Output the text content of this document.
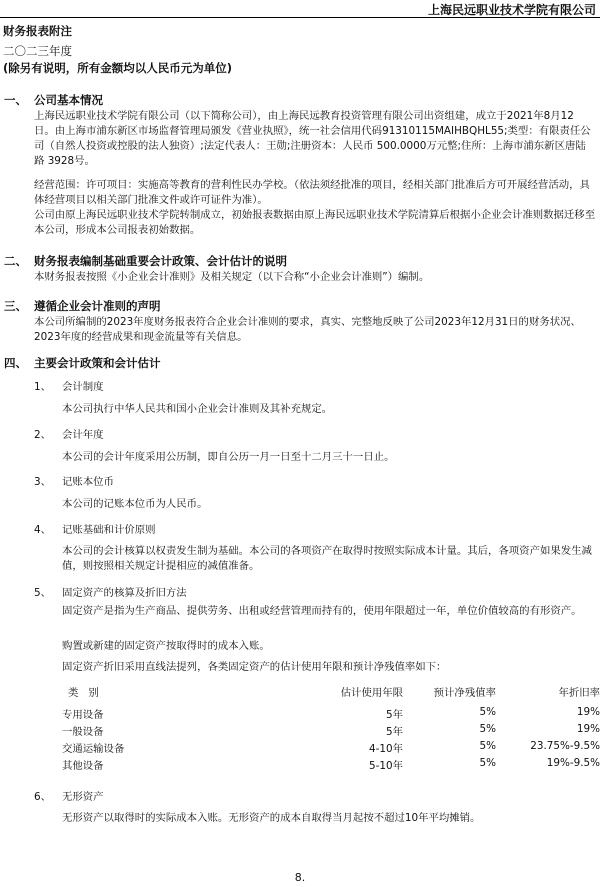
上海民远职业技术学院有限公司
财务报表附注
二〇二三年度
(除另有说明，所有金额均以人民币元为单位)
一、 公司基本情况

上海民远职业技术学院有限公司（以下简称公司），由上海民远教育投资管理有限公司出资组建，成立于2021年8月12 日。由上海市浦东新区市场监督管理局颁发《营业执照》，统一社会信用代码91310115MAIHBQHL55;类型：有限责任公司（自然人投资或控股的法人独资）;法定代表人：王勋;注册资本：人民币 500.0000万元整;住所：上海市浦东新区唐陆路 3928号。

经营范围：许可项目：实施高等教育的营利性民办学校。（依法须经批准的项目，经相关部门批准后方可开展经营活动，具体经营项目以相关部门批准文件或许可证件为准）。

公司由原上海民远职业技术学院转制成立，初始报表数据由原上海民远职业技术学院清算后根据小企业会计准则数据迁移至本公司，形成本公司报表初始数据。

二、 财务报表编制基础重要会计政策、会计估计的说明

本财务报表按照《小企业会计准则》及相关规定（以下合称“小企业会计准则”）编制。

三、 遵循企业会计准则的声明

本公司所编制的2023年度财务报表符合企业会计准则的要求，真实、完整地反映了公司2023年12月31日的财务状况、2023年度的经营成果和现金流量等有关信息。

四、 主要会计政策和会计估计
1、 会计制度
本公司执行中华人民共和国小企业会计准则及其补充规定。
2、 会计年度
本公司的会计年度采用公历制，即自公历一月一日至十二月三十一日止。
3、 记账本位币
本公司的记账本位币为人民币。
4、 记账基础和计价原则
本公司的会计核算以权责发生制为基础。本公司的各项资产在取得时按照实际成本计量。其后，各项资产如果发生减值，则按照相关规定计提相应的减值准备。
5、 固定资产的核算及折旧方法
固定资产是指为生产商品、提供劳务、出租或经营管理而持有的，使用年限超过一年，单位价值较高的有形资产。
购置或新建的固定资产按取得时的成本入账。
固定资产折旧采用直线法提列，各类固定资产的估计使用年限和预计净残值率如下：
类别	估计使用年限	预计净残值率	年折旧率
专用设备	5年	5%	19%
一般设备	5年	5%	19%
交通运输设备	4-10年	5%	23.75%-9.5%
其他设备	5-10年	5%	19%-9.5%
6、 无形资产
无形资产以取得时的实际成本入账。无形资产的成本自取得当月起按不超过10年平均摊销。
8.
